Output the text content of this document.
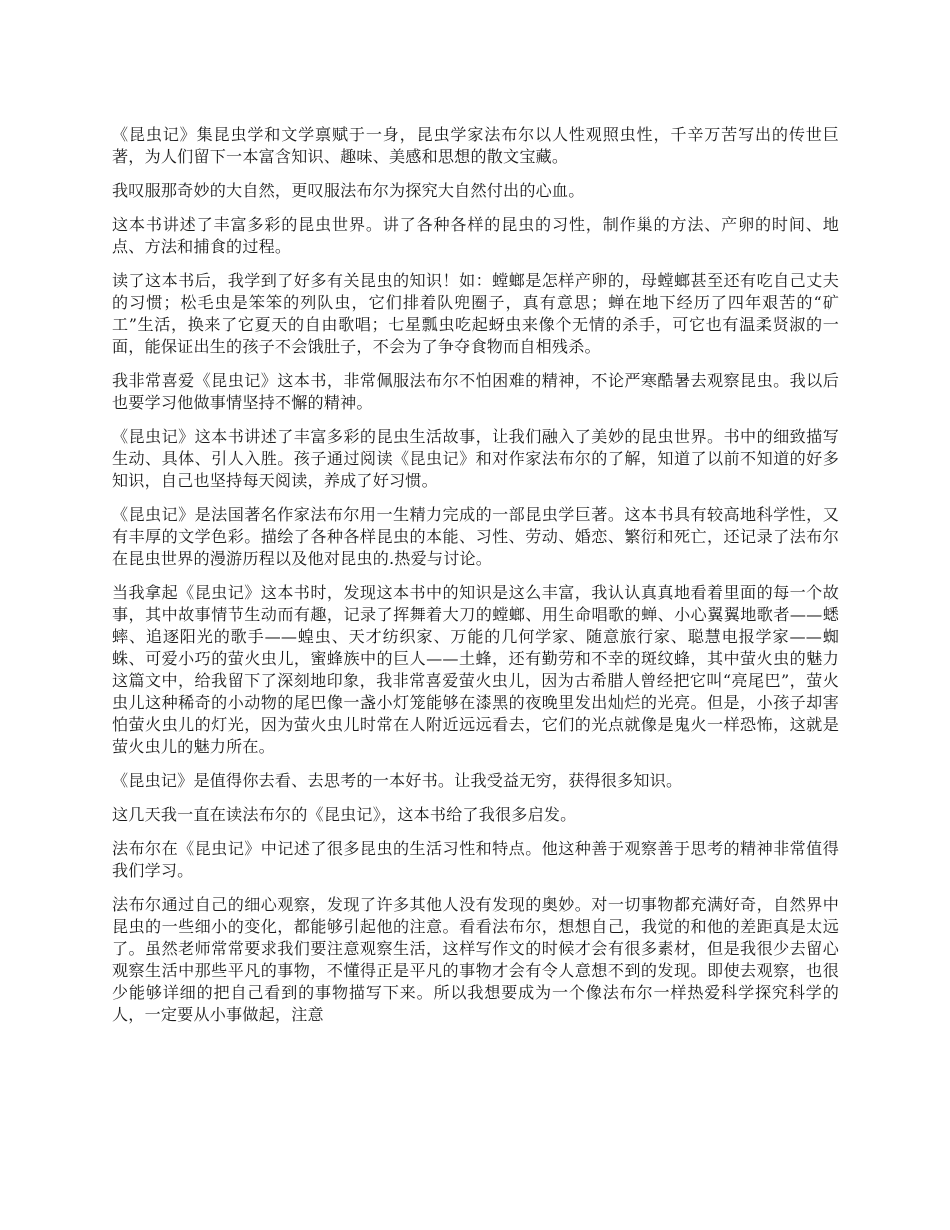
《昆虫记》集昆虫学和文学禀赋于一身，昆虫学家法布尔以人性观照虫性，千辛万苦写出的传世巨著，为人们留下一本富含知识、趣味、美感和思想的散文宝藏。

我叹服那奇妙的大自然，更叹服法布尔为探究大自然付出的心血。

这本书讲述了丰富多彩的昆虫世界。讲了各种各样的昆虫的习性，制作巢的方法、产卵的时间、地点、方法和捕食的过程。

读了这本书后，我学到了好多有关昆虫的知识！如：螳螂是怎样产卵的，母螳螂甚至还有吃自己丈夫的习惯；松毛虫是笨笨的列队虫，它们排着队兜圈子，真有意思；蝉在地下经历了四年艰苦的“矿工”生活，换来了它夏天的自由歌唱；七星瓢虫吃起蚜虫来像个无情的杀手，可它也有温柔贤淑的一面，能保证出生的孩子不会饿肚子，不会为了争夺食物而自相残杀。

我非常喜爱《昆虫记》这本书，非常佩服法布尔不怕困难的精神，不论严寒酷暑去观察昆虫。我以后也要学习他做事情坚持不懈的精神。

《昆虫记》这本书讲述了丰富多彩的昆虫生活故事，让我们融入了美妙的昆虫世界。书中的细致描写生动、具体、引人入胜。孩子通过阅读《昆虫记》和对作家法布尔的了解，知道了以前不知道的好多知识，自己也坚持每天阅读，养成了好习惯。

《昆虫记》是法国著名作家法布尔用一生精力完成的一部昆虫学巨著。这本书具有较高地科学性，又有丰厚的文学色彩。描绘了各种各样昆虫的本能、习性、劳动、婚恋、繁衍和死亡，还记录了法布尔在昆虫世界的漫游历程以及他对昆虫的.热爱与讨论。

当我拿起《昆虫记》这本书时，发现这本书中的知识是这么丰富，我认认真真地看着里面的每一个故事，其中故事情节生动而有趣，记录了挥舞着大刀的螳螂、用生命唱歌的蝉、小心翼翼地歌者——蟋蟀、追逐阳光的歌手——蝗虫、天才纺织家、万能的几何学家、随意旅行家、聪慧电报学家——蜘蛛、可爱小巧的萤火虫儿，蜜蜂族中的巨人——土蜂，还有勤劳和不幸的斑纹蜂，其中萤火虫的魅力这篇文中，给我留下了深刻地印象，我非常喜爱萤火虫儿，因为古希腊人曾经把它叫“亮尾巴”，萤火虫儿这种稀奇的小动物的尾巴像一盏小灯笼能够在漆黑的夜晚里发出灿烂的光亮。但是，小孩子却害怕萤火虫儿的灯光，因为萤火虫儿时常在人附近远远看去，它们的光点就像是鬼火一样恐怖，这就是萤火虫儿的魅力所在。

《昆虫记》是值得你去看、去思考的一本好书。让我受益无穷，获得很多知识。

这几天我一直在读法布尔的《昆虫记》，这本书给了我很多启发。

法布尔在《昆虫记》中记述了很多昆虫的生活习性和特点。他这种善于观察善于思考的精神非常值得我们学习。

法布尔通过自己的细心观察，发现了许多其他人没有发现的奥妙。对一切事物都充满好奇，自然界中昆虫的一些细小的变化，都能够引起他的注意。看看法布尔，想想自己，我觉的和他的差距真是太远了。虽然老师常常要求我们要注意观察生活，这样写作文的时候才会有很多素材，但是我很少去留心观察生活中那些平凡的事物，不懂得正是平凡的事物才会有令人意想不到的发现。即使去观察，也很少能够详细的把自己看到的事物描写下来。所以我想要成为一个像法布尔一样热爱科学探究科学的人，一定要从小事做起，注意
